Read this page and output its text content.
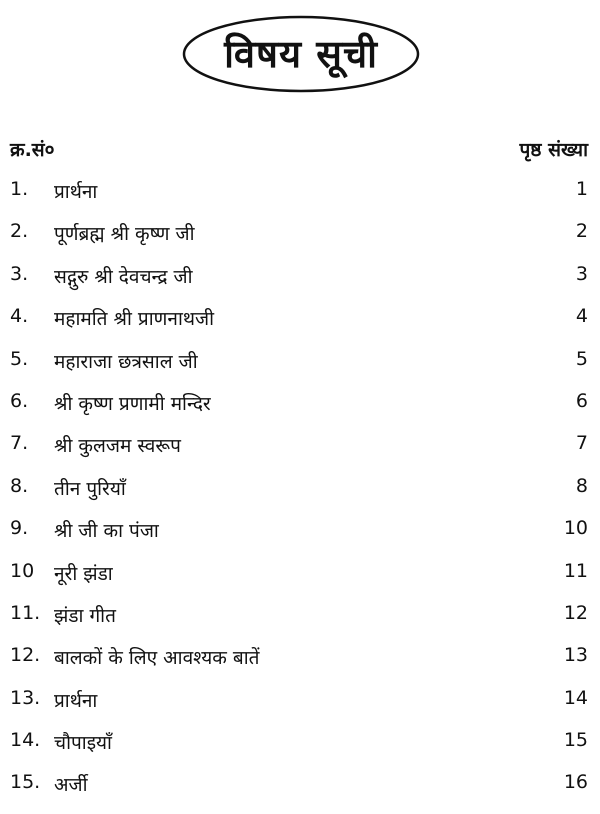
विषय सूची
क्र.सं०	पृष्ठ संख्या
1. प्रार्थना	1
2. पूर्णब्रह्म श्री कृष्ण जी	2
3. सद्गुरु श्री देवचन्द्र जी	3
4. महामति श्री प्राणनाथजी	4
5. महाराजा छत्रसाल जी	5
6. श्री कृष्ण प्रणामी मन्दिर	6
7. श्री कुलजम स्वरूप	7
8. तीन पुरियाँ	8
9. श्री जी का पंजा	10
10 नूरी झंडा	11
11. झंडा गीत	12
12. बालकों के लिए आवश्यक बातें	13
13. प्रार्थना	14
14. चौपाइयाँ	15
15. अर्जी	16
